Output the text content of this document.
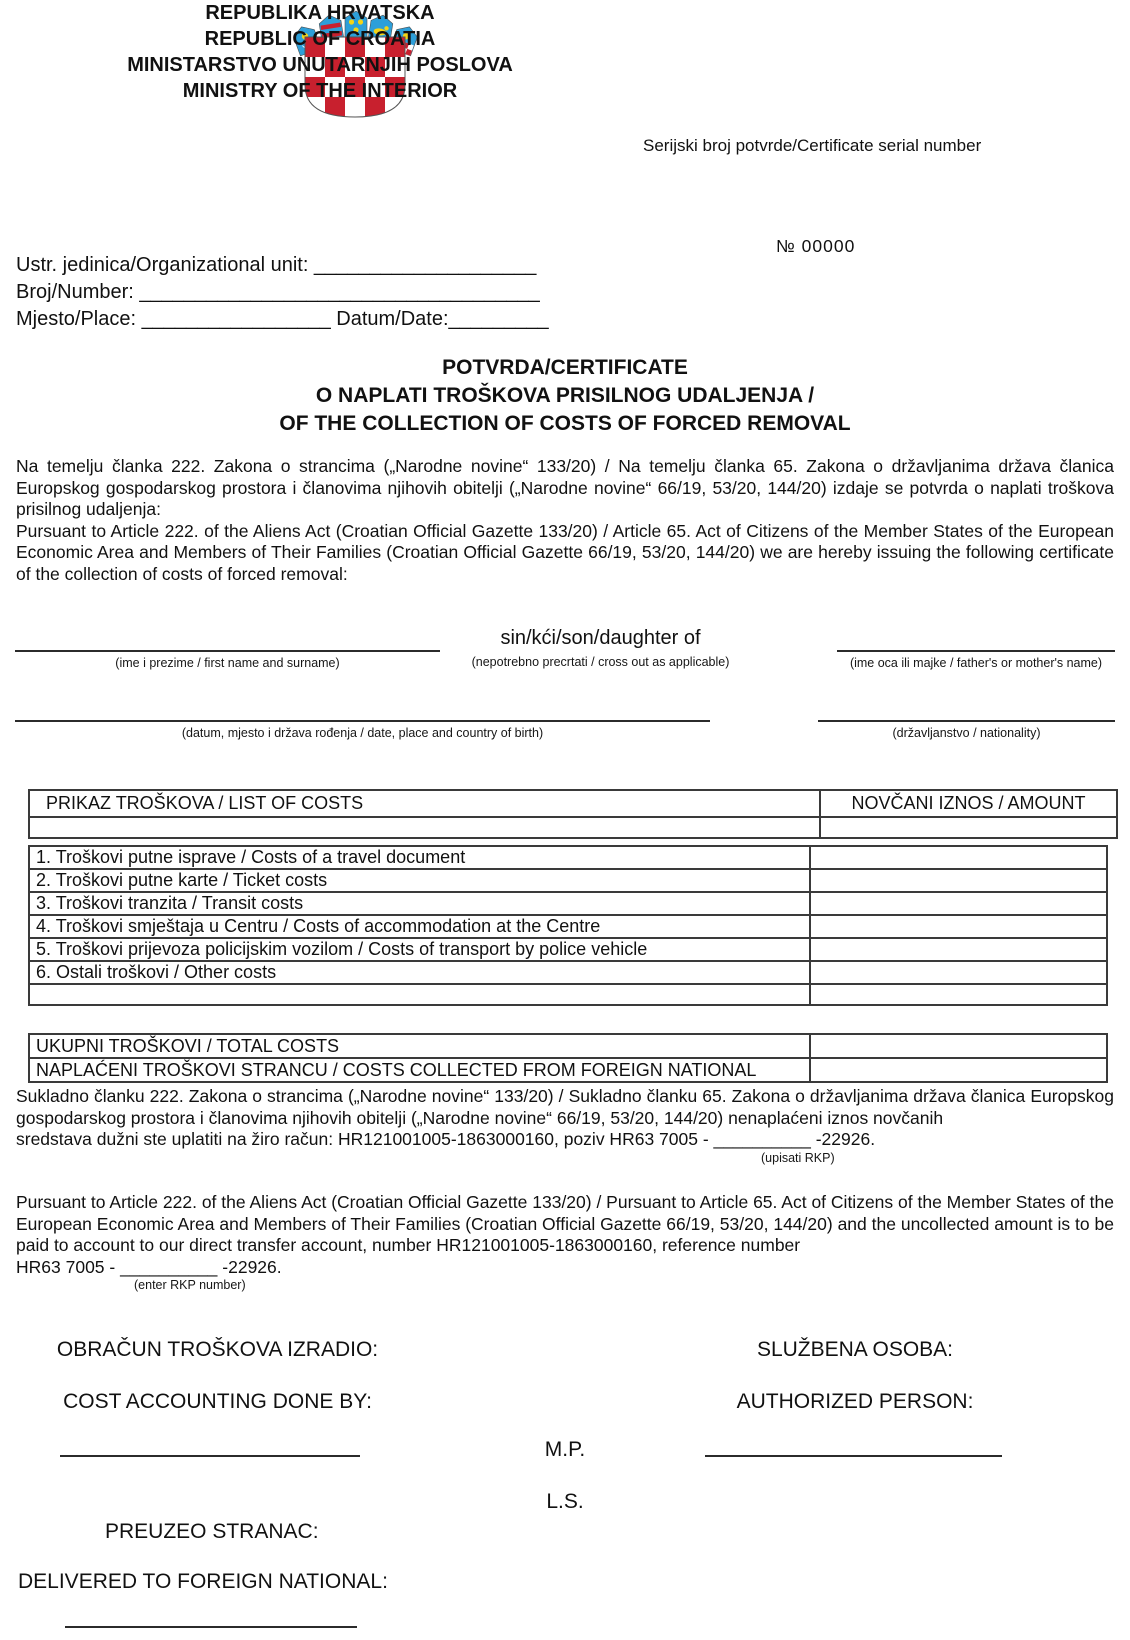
REPUBLIKA HRVATSKA
REPUBLIC OF CROATIA
MINISTARSTVO UNUTARNJIH POSLOVA
MINISTRY OF THE INTERIOR
Serijski broj potvrde/Certificate serial number
№ 00000
Ustr. jedinica/Organizational unit: ____________________
Broj/Number: ____________________________________
Mjesto/Place: _________________ Datum/Date:_________
POTVRDA/CERTIFICATE
O NAPLATI TROŠKOVA PRISILNOG UDALJENJA /
OF THE COLLECTION OF COSTS OF FORCED REMOVAL
Na temelju članka 222. Zakona o strancima („Narodne novine“ 133/20) / Na temelju članka 65. Zakona o državljanima država članica Europskog gospodarskog prostora i članovima njihovih obitelji („Narodne novine“ 66/19, 53/20, 144/20) izdaje se potvrda o naplati troškova prisilnog udaljenja:
Pursuant to Article 222. of the Aliens Act (Croatian Official Gazette 133/20) / Article 65. Act of Citizens of the Member States of the European Economic Area and Members of Their Families (Croatian Official Gazette 66/19, 53/20, 144/20) we are hereby issuing the following certificate of the collection of costs of forced removal:
(ime i prezime / first name and surname)
sin/kći/son/daughter of
(nepotrebno precrtati / cross out as applicable)	(ime oca ili majke / father's or mother's name)
(datum, mjesto i država rođenja / date, place and country of birth)	(državljanstvo / nationality)
PRIKAZ TROŠKOVA / LIST OF COSTS	NOVČANI IZNOS / AMOUNT

1. Troškovi putne isprave / Costs of a travel document	
2. Troškovi putne karte / Ticket costs	
3. Troškovi tranzita / Transit costs	
4. Troškovi smještaja u Centru / Costs of accommodation at the Centre	
5. Troškovi prijevoza policijskim vozilom / Costs of transport by police vehicle	
6. Ostali troškovi / Other costs	

UKUPNI TROŠKOVI / TOTAL COSTS	
NAPLAĆENI TROŠKOVI STRANCU / COSTS COLLECTED FROM FOREIGN NATIONAL	
Sukladno članku 222. Zakona o strancima („Narodne novine“ 133/20) / Sukladno članku 65. Zakona o državljanima država članica Europskog gospodarskog prostora i članovima njihovih obitelji („Narodne novine“ 66/19, 53/20, 144/20) nenaplaćeni iznos novčanih
sredstava dužni ste uplatiti na žiro račun: HR121001005-1863000160, poziv HR63 7005 - __________ -22926.
(upisati RKP)
Pursuant to Article 222. of the Aliens Act (Croatian Official Gazette 133/20) / Pursuant to Article 65. Act of Citizens of the Member States of the European Economic Area and Members of Their Families (Croatian Official Gazette 66/19, 53/20, 144/20) and the uncollected amount is to be paid to account to our direct transfer account, number HR121001005-1863000160, reference number
HR63 7005 - __________ -22926.
(enter RKP number)
OBRAČUN TROŠKOVA IZRADIO:	SLUŽBENA OSOBA:
COST ACCOUNTING DONE BY:	AUTHORIZED PERSON:
M.P.
L.S.
PREUZEO STRANAC:
DELIVERED TO FOREIGN NATIONAL:
